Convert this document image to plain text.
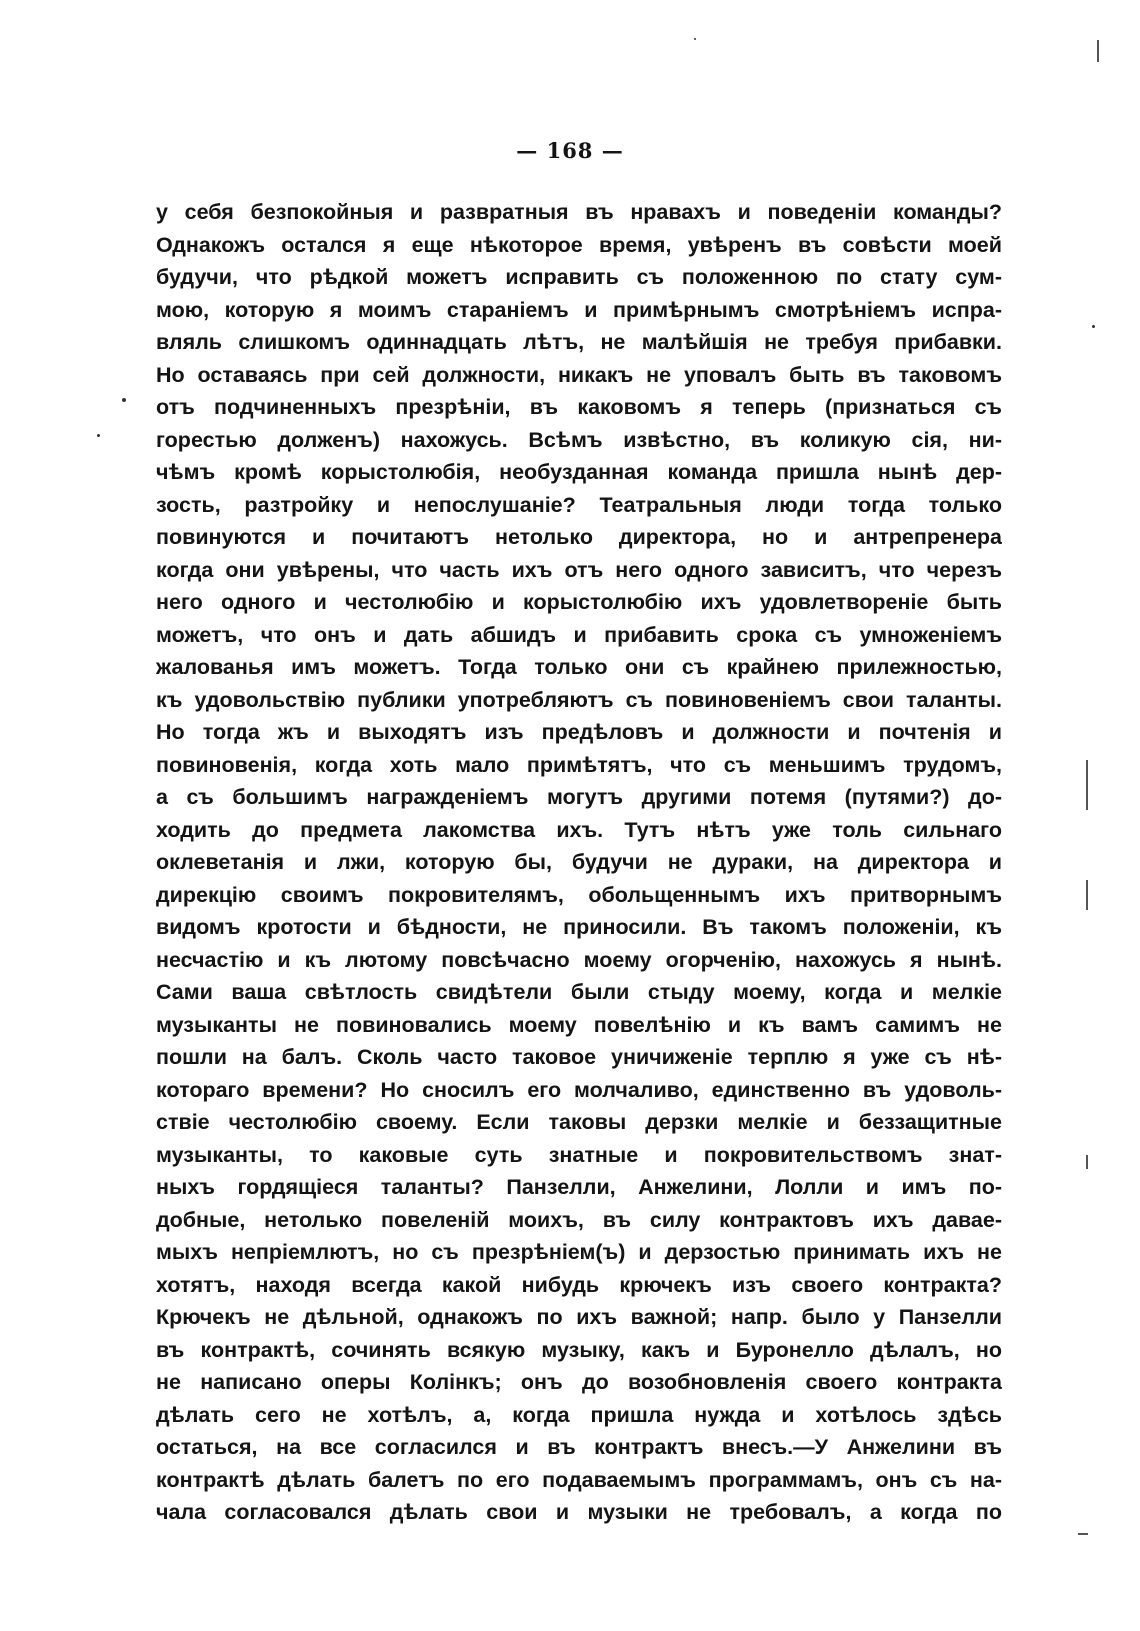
— 168 —
у себя безпокойныя и развратныя въ нравахъ и поведенiи команды?
Однакожъ остался я еще нѣкоторое время, увѣренъ въ совѣсти моей
будучи, что рѣдкой можетъ исправить съ положенною по стату сум-
мою, которую я моимъ старанiемъ и примѣрнымъ смотрѣнiемъ испра-
вляль слишкомъ одиннадцать лѣтъ, не малѣйшiя не требуя прибавки.
Но оставаясь при сей должности, никакъ не уповалъ быть въ таковомъ
отъ подчиненныхъ презрѣнiи, въ каковомъ я теперь (признаться съ
горестью долженъ) нахожусь. Всѣмъ извѣстно, въ коликую сiя, ни-
чѣмъ кромѣ корыстолюбiя, необузданная команда пришла нынѣ дер-
зость, разтройку и непослушанiе? Театральныя люди тогда только
повинуются и почитаютъ нетолько директора, но и антрепренера
когда они увѣрены, что часть ихъ отъ него одного зависитъ, что черезъ
него одного и честолюбiю и корыстолюбiю ихъ удовлетворенiе быть
можетъ, что онъ и дать абшидъ и прибавить срока съ умноженiемъ
жалованья имъ можетъ. Тогда только они съ крайнею прилежностью,
къ удовольствiю публики употребляютъ съ повиновенiемъ свои таланты.
Но тогда жъ и выходятъ изъ предѣловъ и должности и почтенiя и
повиновенiя, когда хоть мало примѣтятъ, что съ меньшимъ трудомъ,
а съ большимъ награжденiемъ могутъ другими потемя (путями?) до-
ходить до предмета лакомства ихъ. Тутъ нѣтъ уже толь сильнаго
оклеветанiя и лжи, которую бы, будучи не дураки, на директора и
дирекцiю своимъ покровителямъ, обольщеннымъ ихъ притворнымъ
видомъ кротости и бѣдности, не приносили. Въ такомъ положенiи, къ
несчастiю и къ лютому повсѣчасно моему огорченiю, нахожусь я нынѣ.
Сами ваша свѣтлость свидѣтели были стыду моему, когда и мелкiе
музыканты не повиновались моему повелѣнiю и къ вамъ самимъ не
пошли на балъ. Сколь часто таковое уничиженiе терплю я уже съ нѣ-
котораго времени? Но сносилъ его молчаливо, единственно въ удоволь-
ствiе честолюбiю своему. Если таковы дерзки мелкiе и беззащитные
музыканты, то каковые суть знатные и покровительствомъ знат-
ныхъ гордящiеся таланты? Панзелли, Анжелини, Лолли и имъ по-
добные, нетолько повеленiй моихъ, въ силу контрактовъ ихъ даваe-
мыхъ непрiемлютъ, но съ презрѣнiем(ъ) и дерзостью принимать ихъ не
хотятъ, находя всегда какой нибудь крючекъ изъ своего контракта?
Крючекъ не дѣльной, однакожъ по ихъ важной; напр. было у Панзелли
въ контрактѣ, сочинять всякую музыку, какъ и Буронелло дѣлалъ, но
не написано оперы Колiнкъ; онъ до возобновленiя своего контракта
дѣлать сего не хотѣлъ, а, когда пришла нужда и хотѣлось здѣсь
остаться, на все согласился и въ контрактъ внесъ.—У Анжелини въ
контрактѣ дѣлать балетъ по его подаваемымъ программамъ, онъ съ на-
чала согласовался дѣлать свои и музыки не требовалъ, а когда по
